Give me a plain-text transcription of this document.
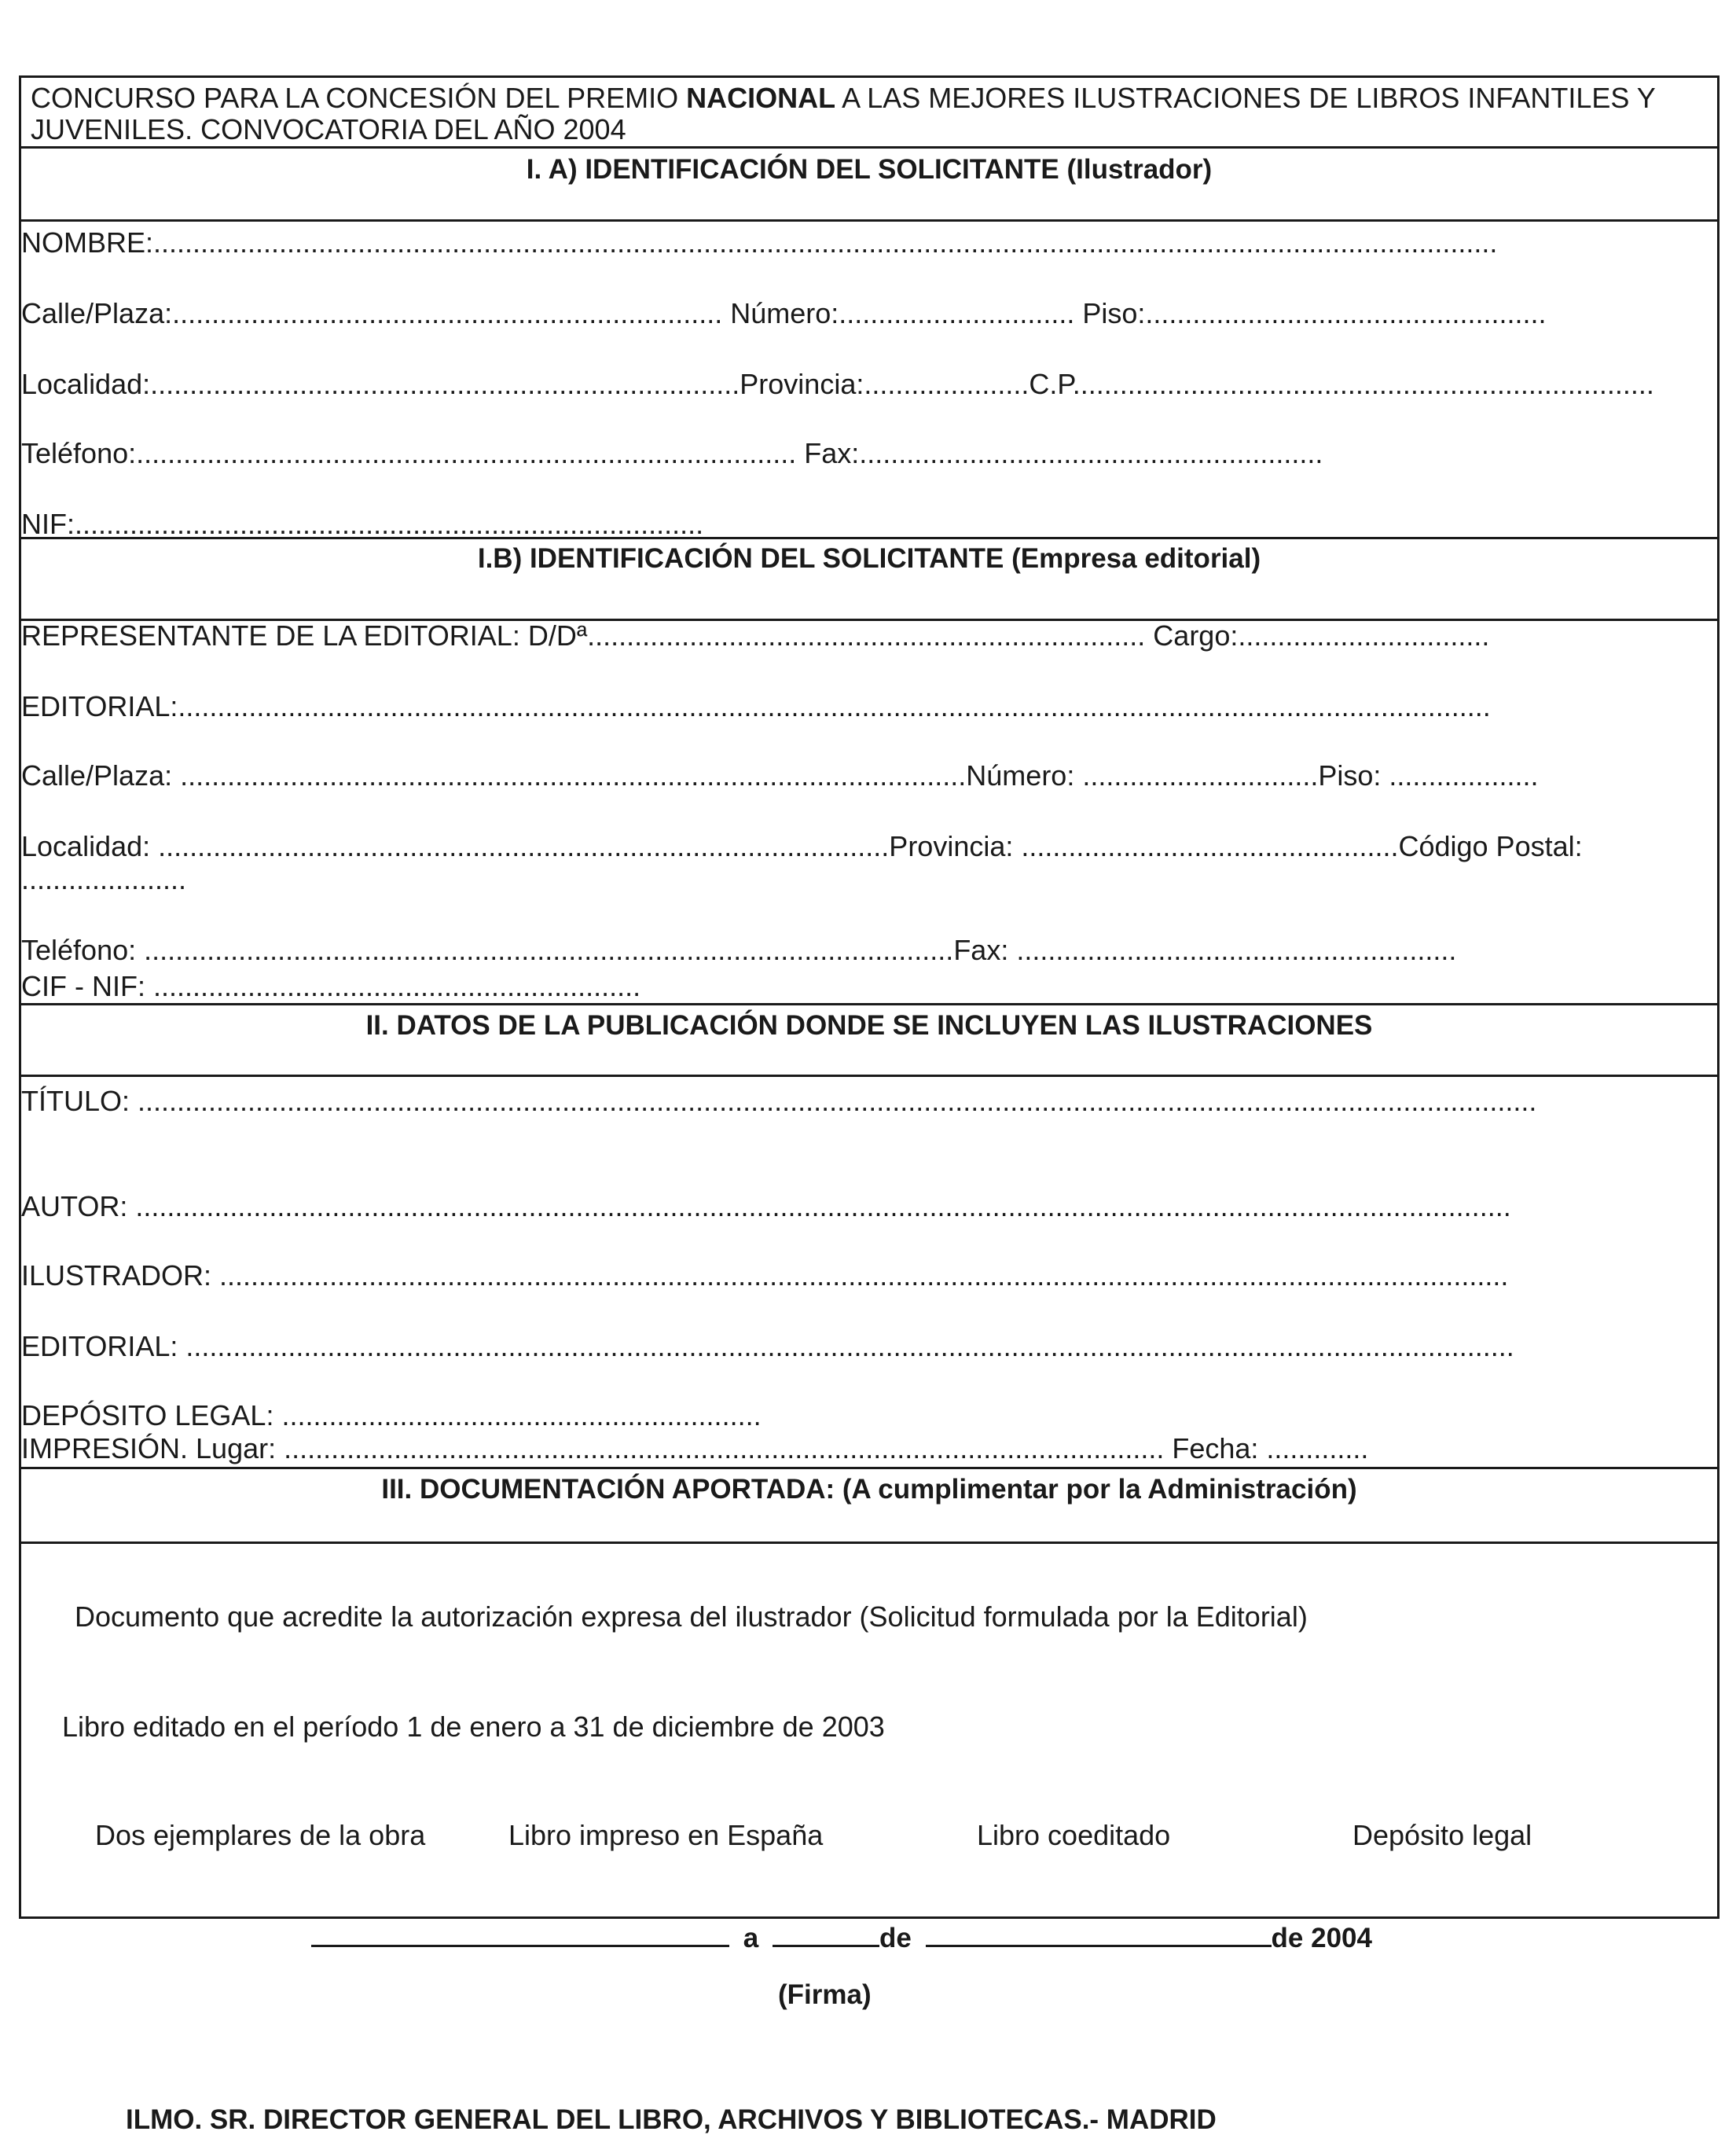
CONCURSO PARA LA CONCESIÓN DEL PREMIO NACIONAL A LAS MEJORES ILUSTRACIONES DE LIBROS INFANTILES Y
JUVENILES. CONVOCATORIA DEL AÑO 2004
I. A) IDENTIFICACIÓN DEL SOLICITANTE (Ilustrador)
NOMBRE:...........................................................................................................................................................................
Calle/Plaza:...................................................................... Número:.............................. Piso:...................................................
Localidad:...........................................................................Provincia:.....................C.P..........................................................................
Teléfono:.................................................................................... Fax:...........................................................
NIF:................................................................................
I.B) IDENTIFICACIÓN DEL SOLICITANTE (Empresa editorial)
REPRESENTANTE DE LA EDITORIAL: D/Dª....................................................................... Cargo:................................
EDITORIAL:.......................................................................................................................................................................
Calle/Plaza: ....................................................................................................Número: ..............................Piso: ...................
Localidad: .............................................................................................Provincia: ................................................Código Postal:
.....................
Teléfono: .......................................................................................................Fax: ........................................................
CIF - NIF: ..............................................................
II. DATOS DE LA PUBLICACIÓN DONDE SE INCLUYEN LAS ILUSTRACIONES
TÍTULO: ..................................................................................................................................................................................
AUTOR: ...............................................................................................................................................................................
ILUSTRADOR: ....................................................................................................................................................................
EDITORIAL: .........................................................................................................................................................................
DEPÓSITO LEGAL: .............................................................
IMPRESIÓN. Lugar: ................................................................................................................ Fecha: .............
III. DOCUMENTACIÓN APORTADA: (A cumplimentar por la Administración)
Documento que acredite la autorización expresa del ilustrador (Solicitud formulada por la Editorial)
Libro editado en el período 1 de enero a 31 de diciembre de 2003
Dos ejemplares de la obra	Libro impreso en España	Libro coeditado	Depósito legal
a	de	de 2004
(Firma)
ILMO. SR. DIRECTOR GENERAL DEL LIBRO, ARCHIVOS Y BIBLIOTECAS.- MADRID
